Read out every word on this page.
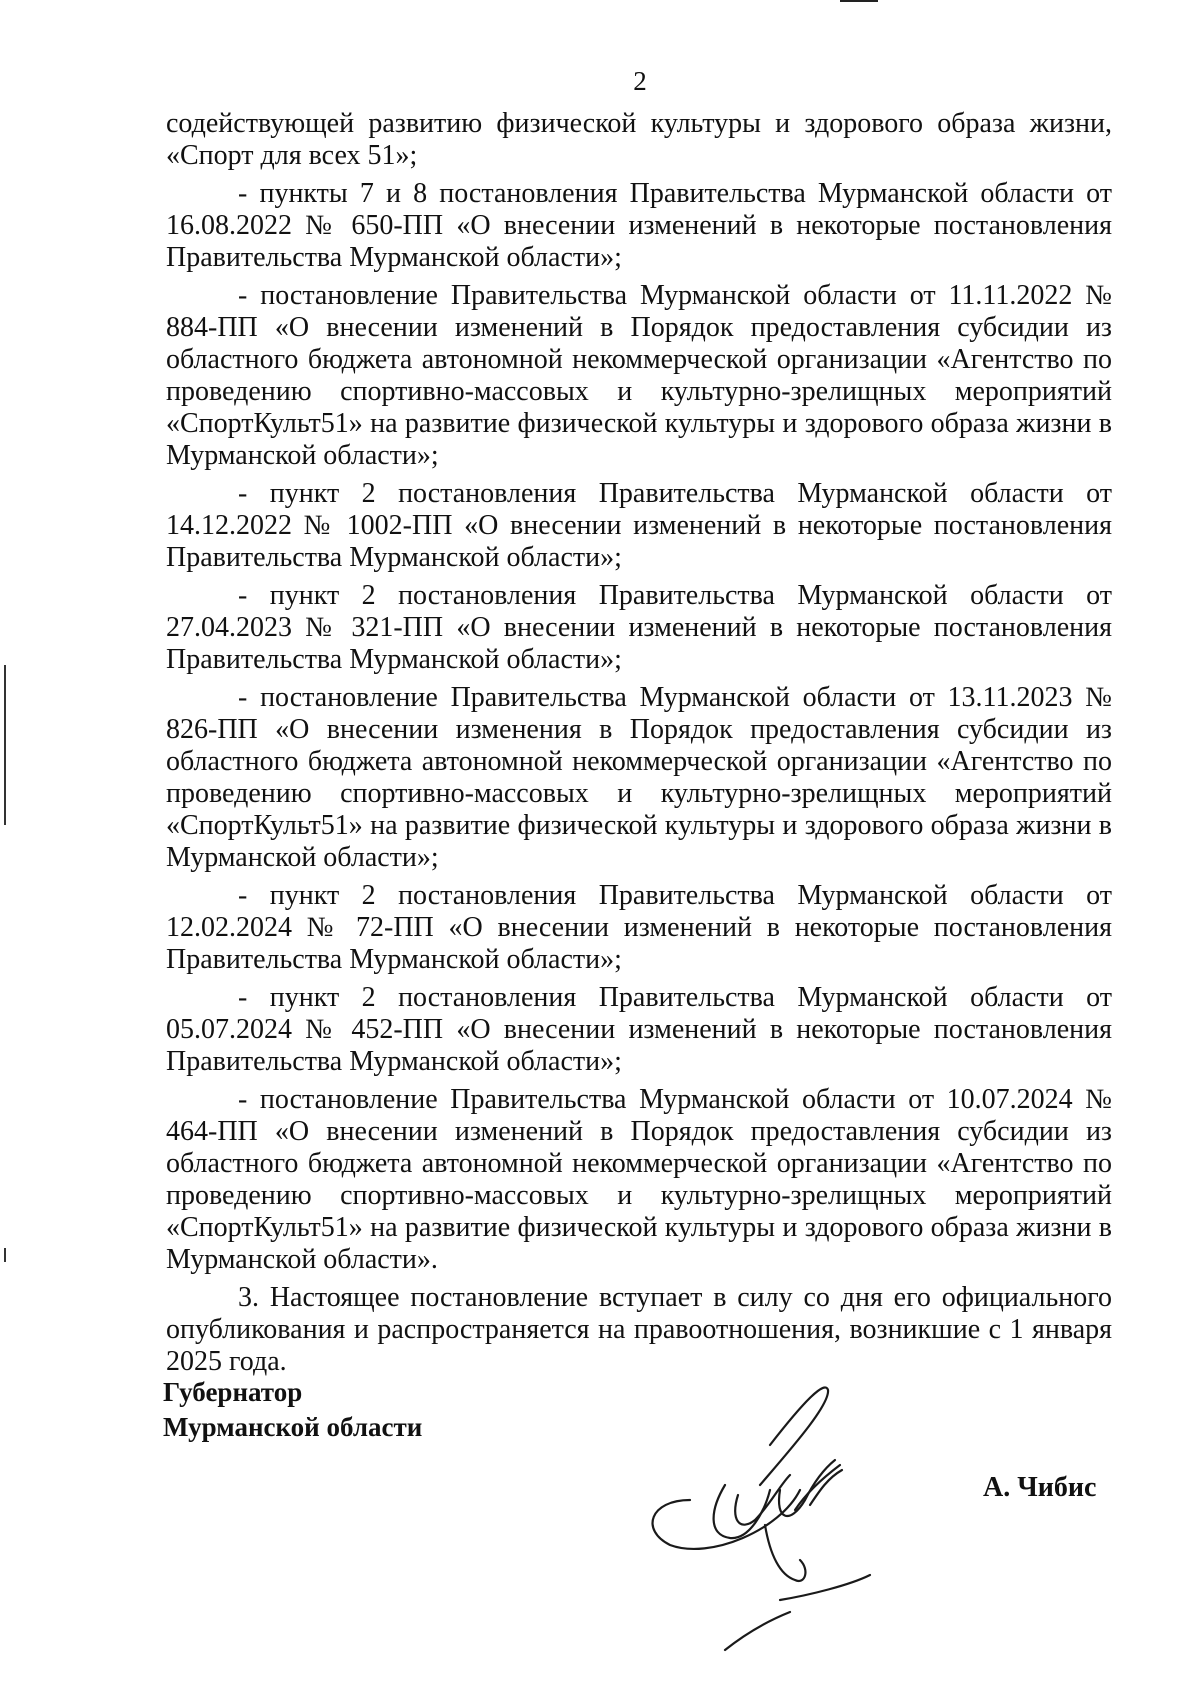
2

содействующей развитию физической культуры и здорового образа жизни, «Спорт для всех 51»;

- пункты 7 и 8 постановления Правительства Мурманской области от 16.08.2022 № 650-ПП «О внесении изменений в некоторые постановления Правительства Мурманской области»;

- постановление Правительства Мурманской области от 11.11.2022 № 884-ПП «О внесении изменений в Порядок предоставления субсидии из областного бюджета автономной некоммерческой организации «Агентство по проведению спортивно-массовых и культурно-зрелищных мероприятий «СпортКульт51» на развитие физической культуры и здорового образа жизни в Мурманской области»;

- пункт 2 постановления Правительства Мурманской области от 14.12.2022 № 1002-ПП «О внесении изменений в некоторые постановления Правительства Мурманской области»;

- пункт 2 постановления Правительства Мурманской области от 27.04.2023 № 321-ПП «О внесении изменений в некоторые постановления Правительства Мурманской области»;

- постановление Правительства Мурманской области от 13.11.2023 № 826-ПП «О внесении изменения в Порядок предоставления субсидии из областного бюджета автономной некоммерческой организации «Агентство по проведению спортивно-массовых и культурно-зрелищных мероприятий «СпортКульт51» на развитие физической культуры и здорового образа жизни в Мурманской области»;

- пункт 2 постановления Правительства Мурманской области от 12.02.2024 № 72-ПП «О внесении изменений в некоторые постановления Правительства Мурманской области»;

- пункт 2 постановления Правительства Мурманской области от 05.07.2024 № 452-ПП «О внесении изменений в некоторые постановления Правительства Мурманской области»;

- постановление Правительства Мурманской области от 10.07.2024 № 464-ПП «О внесении изменений в Порядок предоставления субсидии из областного бюджета автономной некоммерческой организации «Агентство по проведению спортивно-массовых и культурно-зрелищных мероприятий «СпортКульт51» на развитие физической культуры и здорового образа жизни в Мурманской области».

3. Настоящее постановление вступает в силу со дня его официального опубликования и распространяется на правоотношения, возникшие с 1 января 2025 года.

Губернатор
Мурманской области
А. Чибис
